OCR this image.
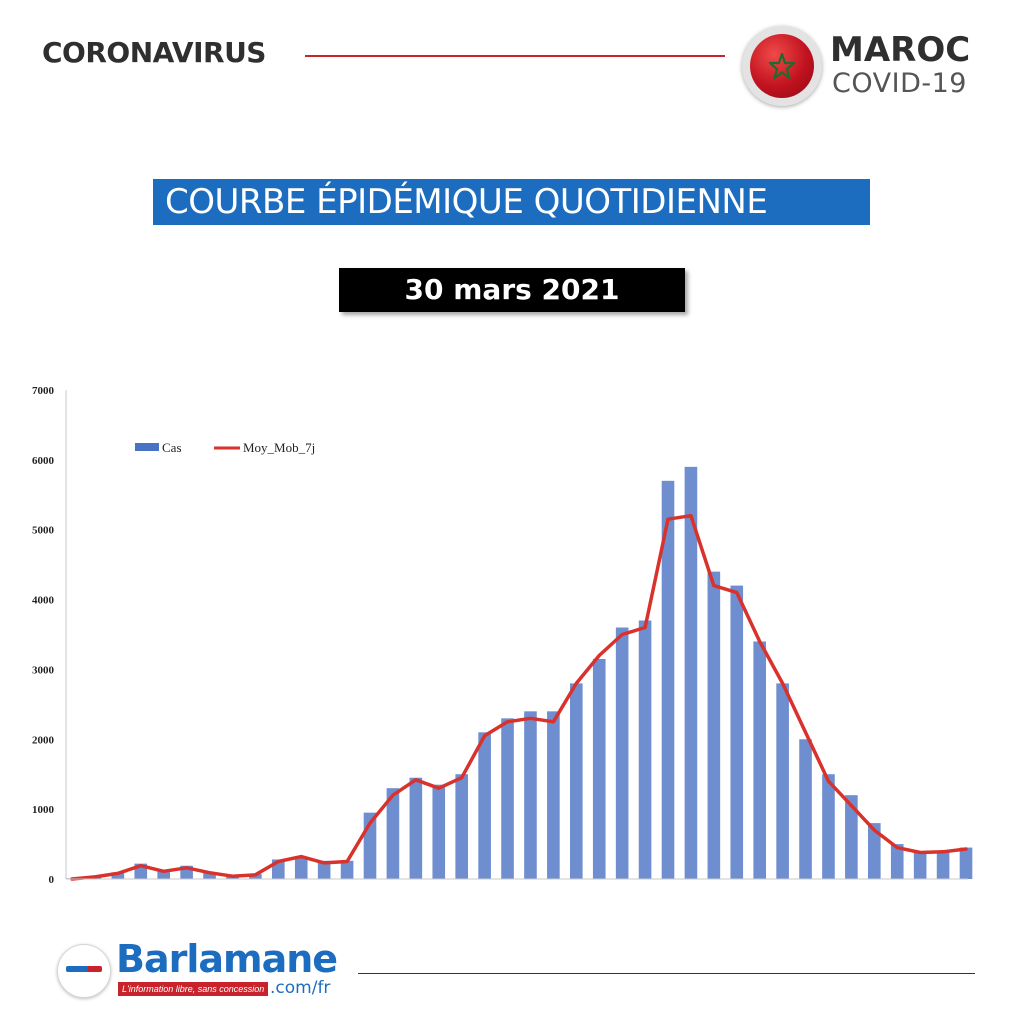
CORONAVIRUS	MAROC
COVID-19
COURBE ÉPIDÉMIQUE QUOTIDIENNE
30 mars 2021
0
1000
2000
3000
4000
5000
6000
7000
Cas	Moy_Mob_7j
Barlamane
L'information libre, sans concession .com/fr
